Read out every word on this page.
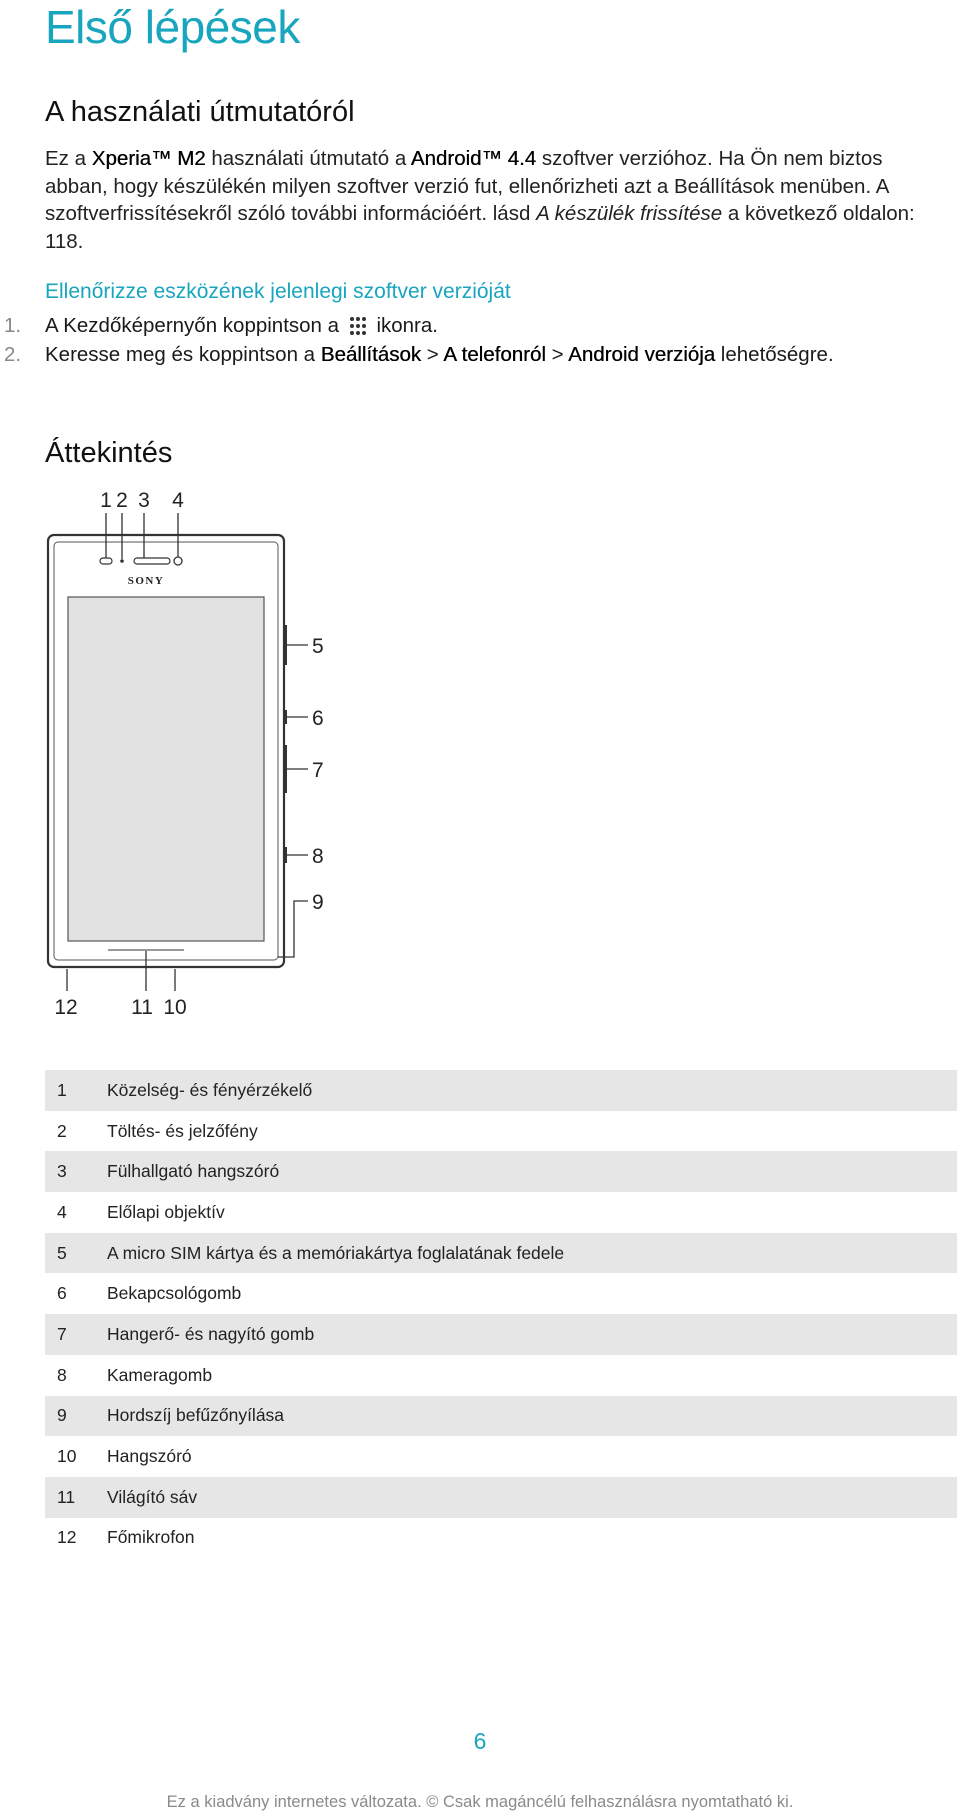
Első lépések
A használati útmutatóról

Ez a Xperia™ M2 használati útmutató a Android™ 4.4 szoftver verzióhoz. Ha Ön nem biztos abban, hogy készülékén milyen szoftver verzió fut, ellenőrizheti azt a Beállítások menüben. A szoftverfrissítésekről szóló további információért. lásd A készülék frissítése a következő oldalon: 118.

Ellenőrizze eszközének jelenlegi szoftver verzióját

1. A Kezdőképernyőn koppintson a ikonra.
2. Keresse meg és koppintson a Beállítások > A telefonról > Android verziója lehetőségre.
Áttekintés
SONY
1 2 3 4
5
6
7
8
9
10
11
12
1	Közelség- és fényérzékelő
2	Töltés- és jelzőfény
3	Fülhallgató hangszóró
4	Előlapi objektív
5	A micro SIM kártya és a memóriakártya foglalatának fedele
6	Bekapcsológomb
7	Hangerő- és nagyító gomb
8	Kameragomb
9	Hordszíj befűzőnyílása
10	Hangszóró
11	Világító sáv
12	Főmikrofon
6
Ez a kiadvány internetes változata. © Csak magáncélú felhasználásra nyomtatható ki.
